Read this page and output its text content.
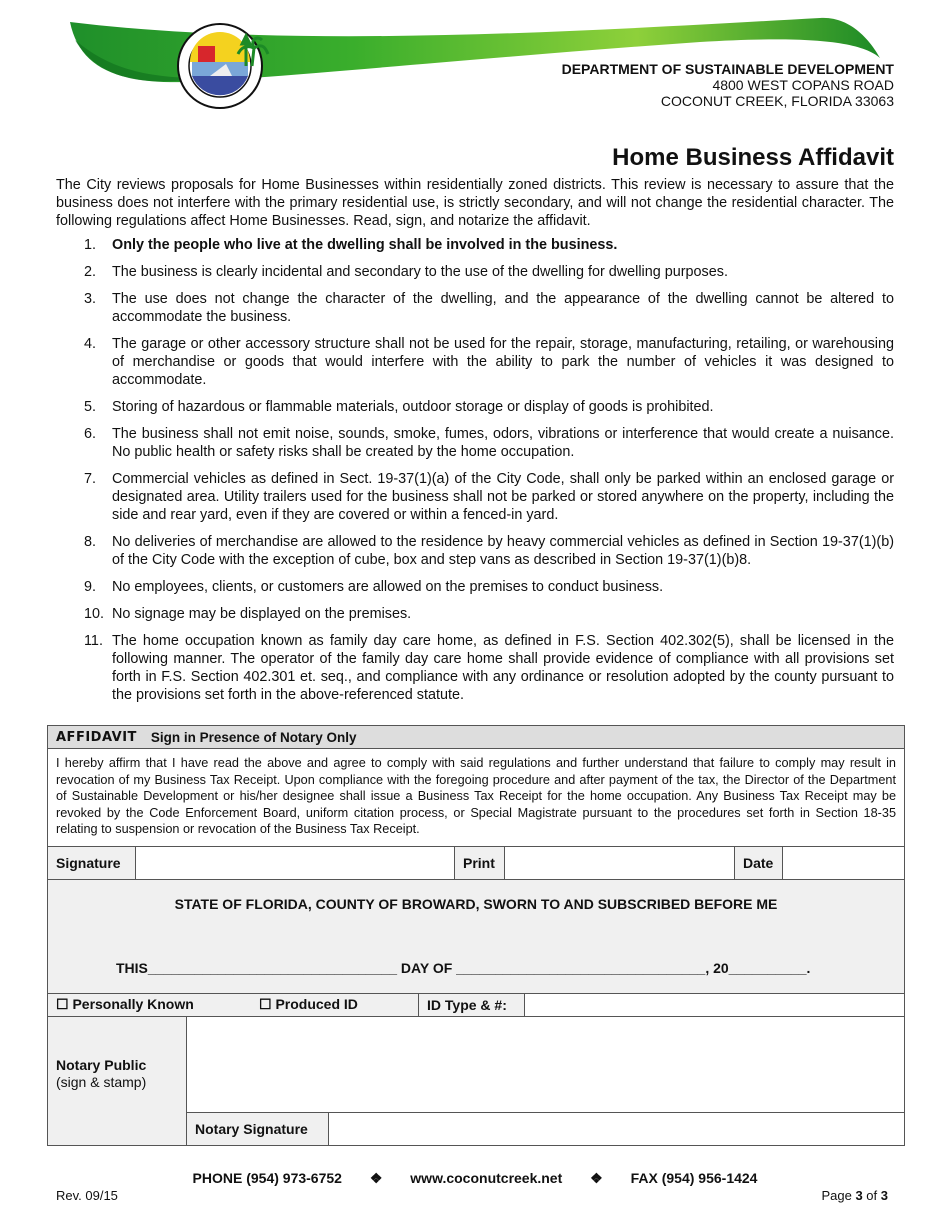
DEPARTMENT OF SUSTAINABLE DEVELOPMENT
4800 WEST COPANS ROAD
COCONUT CREEK, FLORIDA 33063
Home Business Affidavit
The City reviews proposals for Home Businesses within residentially zoned districts. This review is necessary to assure that the business does not interfere with the primary residential use, is strictly secondary, and will not change the residential character. The following regulations affect Home Businesses. Read, sign, and notarize the affidavit.
1.	Only the people who live at the dwelling shall be involved in the business.
2.	The business is clearly incidental and secondary to the use of the dwelling for dwelling purposes.
3.	The use does not change the character of the dwelling, and the appearance of the dwelling cannot be altered to accommodate the business.
4.	The garage or other accessory structure shall not be used for the repair, storage, manufacturing, retailing, or warehousing of merchandise or goods that would interfere with the ability to park the number of vehicles it was designed to accommodate.
5.	Storing of hazardous or flammable materials, outdoor storage or display of goods is prohibited.
6.	The business shall not emit noise, sounds, smoke, fumes, odors, vibrations or interference that would create a nuisance. No public health or safety risks shall be created by the home occupation.
7.	Commercial vehicles as defined in Sect. 19-37(1)(a) of the City Code, shall only be parked within an enclosed garage or designated area. Utility trailers used for the business shall not be parked or stored anywhere on the property, including the side and rear yard, even if they are covered or within a fenced-in yard.
8.	No deliveries of merchandise are allowed to the residence by heavy commercial vehicles as defined in Section 19-37(1)(b) of the City Code with the exception of cube, box and step vans as described in Section 19-37(1)(b)8.
9.	No employees, clients, or customers are allowed on the premises to conduct business.
10. No signage may be displayed on the premises.
11. The home occupation known as family day care home, as defined in F.S. Section 402.302(5), shall be licensed in the following manner. The operator of the family day care home shall provide evidence of compliance with all provisions set forth in F.S. Section 402.301 et. seq., and compliance with any ordinance or resolution adopted by the county pursuant to the provisions set forth in the above-referenced statute.
AFFIDAVIT Sign in Presence of Notary Only
I hereby affirm that I have read the above and agree to comply with said regulations and further understand that failure to comply may result in revocation of my Business Tax Receipt. Upon compliance with the foregoing procedure and after payment of the tax, the Director of the Department of Sustainable Development or his/her designee shall issue a Business Tax Receipt for the home occupation. Any Business Tax Receipt may be revoked by the Code Enforcement Board, uniform citation process, or Special Magistrate pursuant to the procedures set forth in Section 18-35 relating to suspension or revocation of the Business Tax Receipt.
Signature	Print	Date
STATE OF FLORIDA, COUNTY OF BROWARD, SWORN TO AND SUBSCRIBED BEFORE ME
THIS________________________________ DAY OF ________________________________, 20__________.
☐ Personally Known	☐ Produced ID	ID Type & #:
Notary Public
(sign & stamp)
Notary Signature
PHONE (954) 973-6752 ❖ www.coconutcreek.net ❖ FAX (954) 956-1424
Rev. 09/15	Page 3 of 3
